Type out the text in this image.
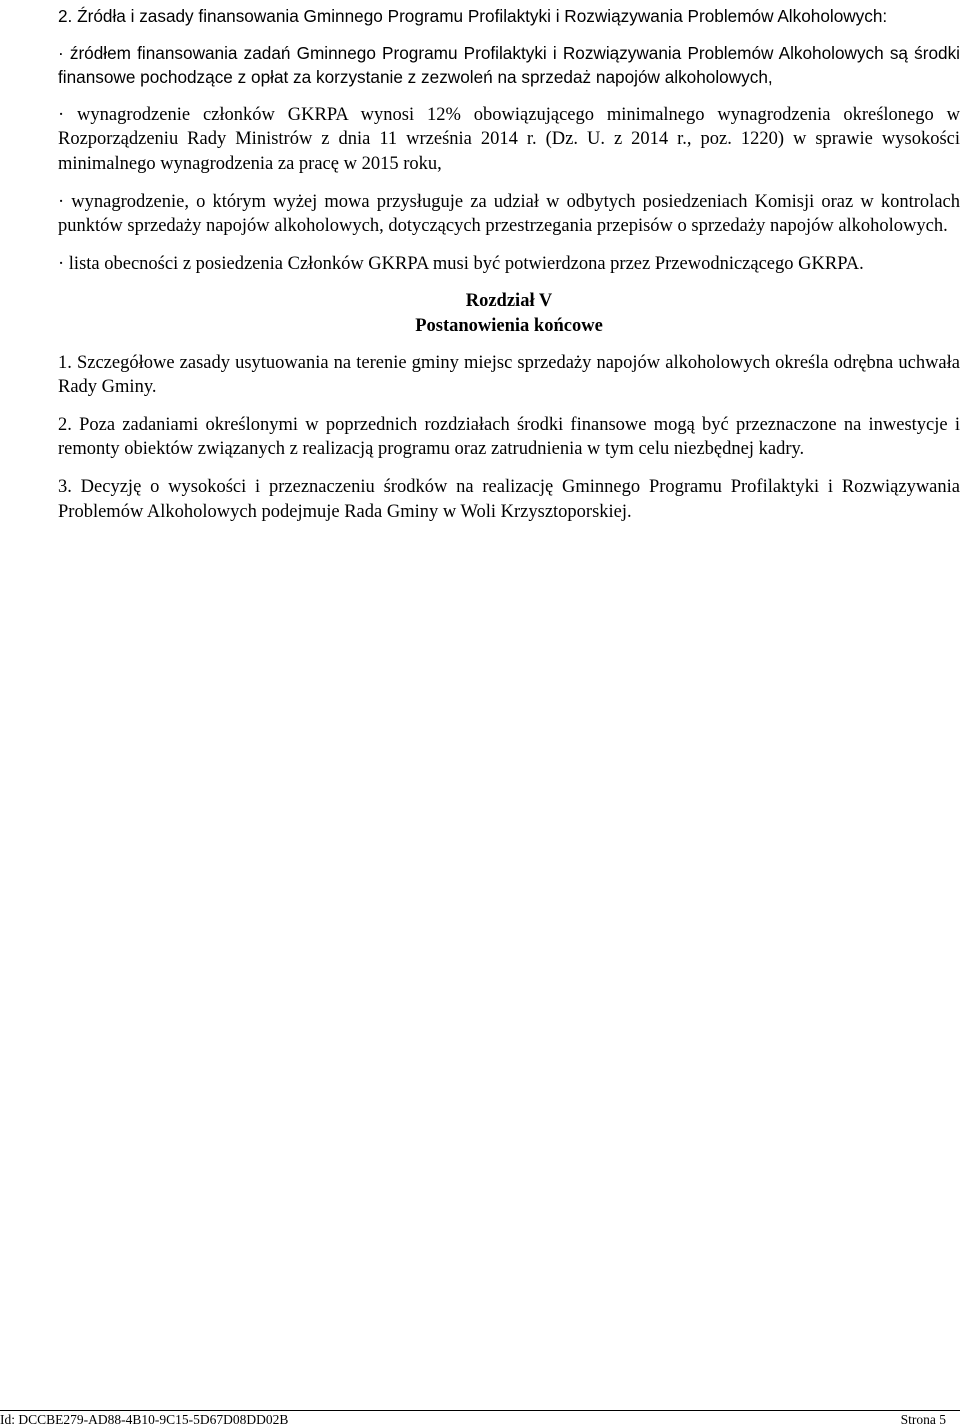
2. Źródła i zasady finansowania Gminnego Programu Profilaktyki i Rozwiązywania Problemów Alkoholowych:

· źródłem finansowania zadań Gminnego Programu Profilaktyki i Rozwiązywania Problemów Alkoholowych są środki finansowe pochodzące z opłat za korzystanie z zezwoleń na sprzedaż napojów alkoholowych,

· wynagrodzenie członków GKRPA wynosi 12% obowiązującego minimalnego wynagrodzenia określonego w Rozporządzeniu Rady Ministrów z dnia 11 września 2014 r. (Dz. U. z 2014 r., poz. 1220) w sprawie wysokości minimalnego wynagrodzenia za pracę w 2015 roku,

· wynagrodzenie, o którym wyżej mowa przysługuje za udział w odbytych posiedzeniach Komisji oraz w kontrolach punktów sprzedaży napojów alkoholowych, dotyczących przestrzegania przepisów o sprzedaży napojów alkoholowych.

· lista obecności z posiedzenia Członków GKRPA musi być potwierdzona przez Przewodniczącego GKRPA.

Rozdział V

Postanowienia końcowe

1. Szczegółowe zasady usytuowania na terenie gminy miejsc sprzedaży napojów alkoholowych określa odrębna uchwała Rady Gminy.

2. Poza zadaniami określonymi w poprzednich rozdziałach środki finansowe mogą być przeznaczone na inwestycje i remonty obiektów związanych z realizacją programu oraz zatrudnienia w tym celu niezbędnej kadry.

3. Decyzję o wysokości i przeznaczeniu środków na realizację Gminnego Programu Profilaktyki i Rozwiązywania Problemów Alkoholowych podejmuje Rada Gminy w Woli Krzysztoporskiej.

Id: DCCBE279-AD88-4B10-9C15-5D67D08DD02B	Strona 5
